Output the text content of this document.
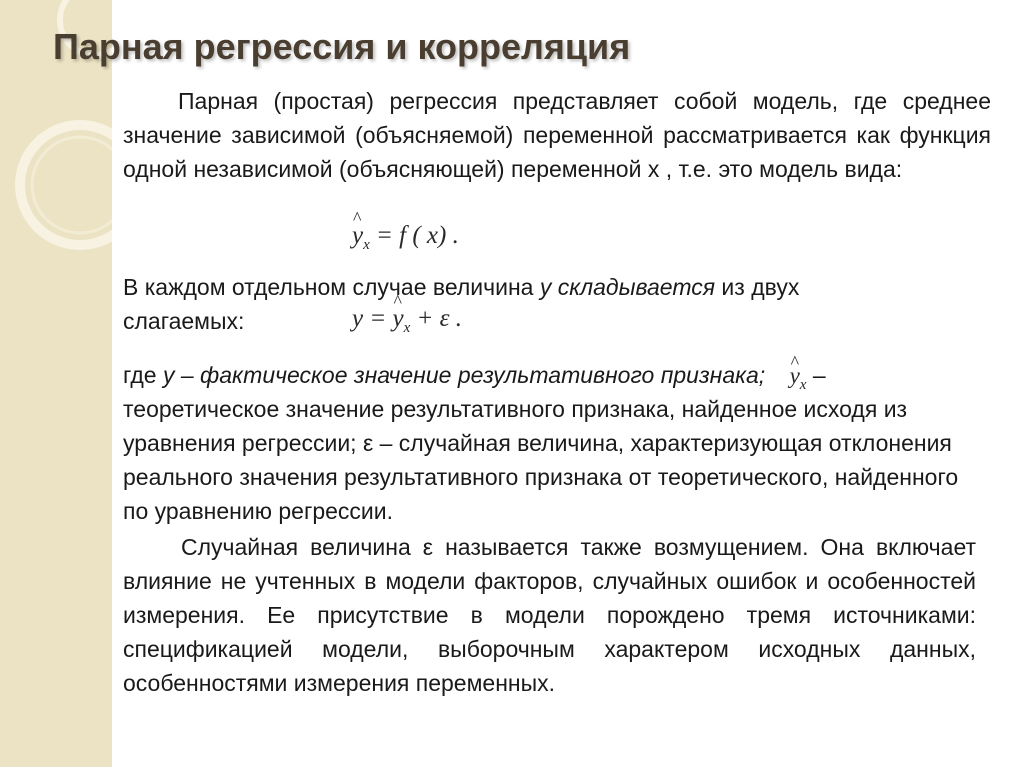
Парная регрессия и корреляция
Парная (простая) регрессия представляет собой модель, где среднее значение зависимой (объясняемой) переменной рассматривается как функция одной независимой (объясняющей) переменной х , т.е. это модель вида:
^ $y_x = f$ ( x) .
В каждом отдельном случае величина y складывается из двух
слагаемых:	y = ^ $y_x + \varepsilon$ .
где y – фактическое значение результативного признака; ^ $y_x$ –
теоретическое значение результативного признака, найденное исходя из уравнения регрессии; ε – случайная величина, характеризующая отклонения реального значения результативного признака от теоретического, найденного по уравнению регрессии.
Случайная величина ε называется также возмущением. Она включает влияние не учтенных в модели факторов, случайных ошибок и особенностей измерения. Ее присутствие в модели порождено тремя источниками: спецификацией модели, выборочным характером исходных данных, особенностями измерения переменных.
